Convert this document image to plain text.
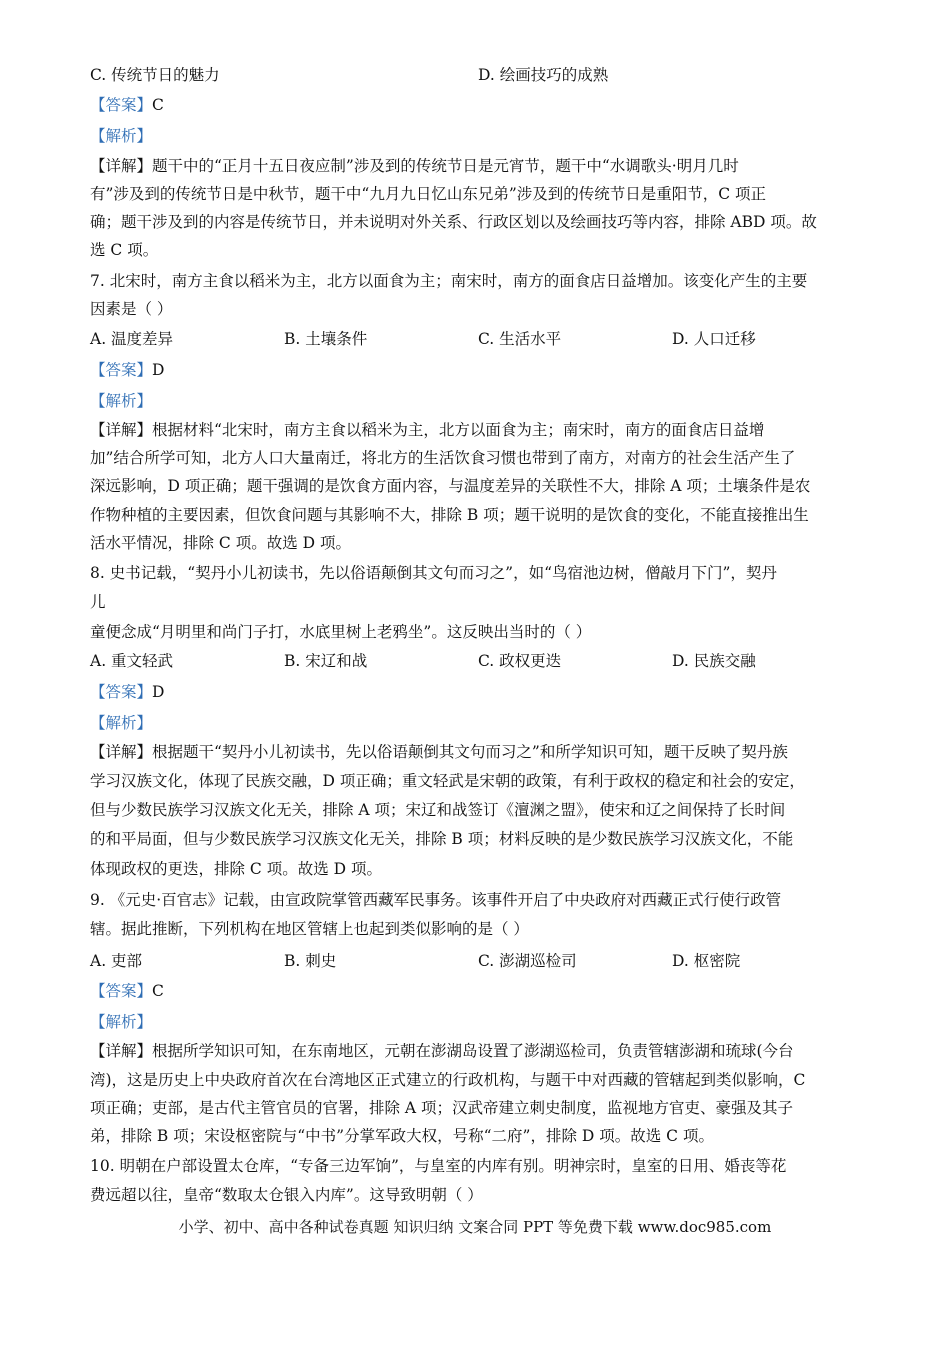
C. 传统节日的魅力	D. 绘画技巧的成熟
【答案】C
【解析】
【详解】题干中的“正月十五日夜应制”涉及到的传统节日是元宵节，题干中“水调歌头·明月几时
有”涉及到的传统节日是中秋节，题干中“九月九日忆山东兄弟”涉及到的传统节日是重阳节，C 项正
确；题干涉及到的内容是传统节日，并未说明对外关系、行政区划以及绘画技巧等内容，排除 ABD 项。故
选 C 项。
7. 北宋时，南方主食以稻米为主，北方以面食为主；南宋时，南方的面食店日益增加。该变化产生的主要
因素是（ ）
A. 温度差异	B. 土壤条件	C. 生活水平	D. 人口迁移
【答案】D
【解析】
【详解】根据材料“北宋时，南方主食以稻米为主，北方以面食为主；南宋时，南方的面食店日益增
加”结合所学可知，北方人口大量南迁，将北方的生活饮食习惯也带到了南方，对南方的社会生活产生了
深远影响，D 项正确；题干强调的是饮食方面内容，与温度差异的关联性不大，排除 A 项；土壤条件是农
作物种植的主要因素，但饮食问题与其影响不大，排除 B 项；题干说明的是饮食的变化，不能直接推出生
活水平情况，排除 C 项。故选 D 项。
8. 史书记载，“契丹小儿初读书，先以俗语颠倒其文句而习之”，如“鸟宿池边树，僧敲月下门”，契丹
儿
童便念成“月明里和尚门子打，水底里树上老鸦坐”。这反映出当时的（ ）
A. 重文轻武	B. 宋辽和战	C. 政权更迭	D. 民族交融
【答案】D
【解析】
【详解】根据题干“契丹小儿初读书，先以俗语颠倒其文句而习之”和所学知识可知，题干反映了契丹族
学习汉族文化，体现了民族交融，D 项正确；重文轻武是宋朝的政策，有利于政权的稳定和社会的安定，
但与少数民族学习汉族文化无关，排除 A 项；宋辽和战签订《澶渊之盟》，使宋和辽之间保持了长时间
的和平局面，但与少数民族学习汉族文化无关，排除 B 项；材料反映的是少数民族学习汉族文化，不能
体现政权的更迭，排除 C 项。故选 D 项。
9. 《元史·百官志》记载，由宣政院掌管西藏军民事务。该事件开启了中央政府对西藏正式行使行政管
辖。据此推断，下列机构在地区管辖上也起到类似影响的是（ ）
A. 吏部	B. 刺史	C. 澎湖巡检司	D. 枢密院
【答案】C
【解析】
【详解】根据所学知识可知，在东南地区，元朝在澎湖岛设置了澎湖巡检司，负责管辖澎湖和琉球(今台
湾)，这是历史上中央政府首次在台湾地区正式建立的行政机构，与题干中对西藏的管辖起到类似影响，C
项正确；吏部，是古代主管官员的官署，排除 A 项；汉武帝建立刺史制度，监视地方官吏、豪强及其子
弟，排除 B 项；宋设枢密院与“中书”分掌军政大权，号称“二府”，排除 D 项。故选 C 项。
10. 明朝在户部设置太仓库，“专备三边军饷”，与皇室的内库有别。明神宗时，皇室的日用、婚丧等花
费远超以往，皇帝“数取太仓银入内库”。这导致明朝（ ）
小学、初中、高中各种试卷真题 知识归纳 文案合同 PPT 等免费下载 www.doc985.com
